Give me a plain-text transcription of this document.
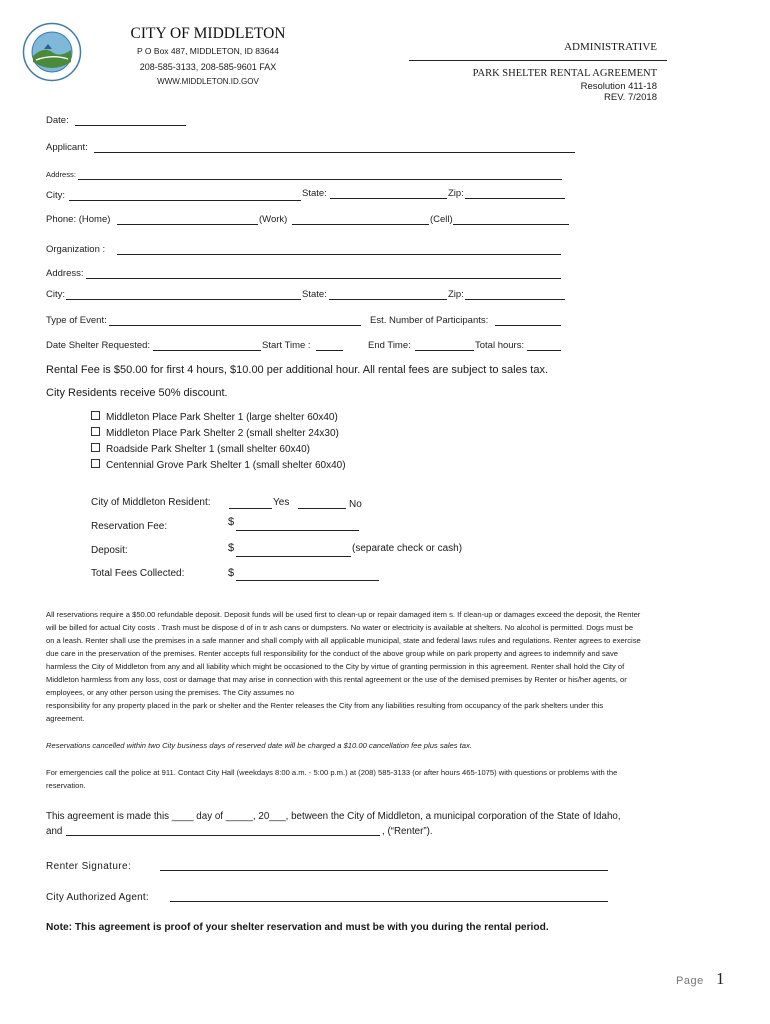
CITY OF MIDDLETON
P O Box 487, MIDDLETON, ID 83644
208-585-3133, 208-585-9601 FAX
WWW.MIDDLETON.ID.GOV
ADMINISTRATIVE
PARK SHELTER RENTAL AGREEMENT
Resolution 411-18
REV. 7/2018
Date:
Applicant:
Address:
City:	State:	Zip:
Phone: (Home)	(Work)	(Cell)
Organization :
Address:
City:	State:	Zip:
Type of Event:	Est. Number of Participants:
Date Shelter Requested:	Start Time :	End Time:	Total hours:
Rental Fee is $50.00 for first 4 hours, $10.00 per additional hour. All rental fees are subject to sales tax.
City Residents receive 50% discount.
Middleton Place Park Shelter 1 (large shelter 60x40)
Middleton Place Park Shelter 2 (small shelter 24x30)
Roadside Park Shelter 1 (small shelter 60x40)
Centennial Grove Park Shelter 1 (small shelter 60x40)
City of Middleton Resident:	Yes	No
Reservation Fee:	$
Deposit:	$	(separate check or cash)
Total Fees Collected:	$
All reservations require a $50.00 refundable deposit. Deposit funds will be used first to clean-up or repair damaged item s. If clean-up or damages exceed the deposit, the Renter
will be billed for actual City costs . Trash must be dispose d of in tr ash cans or dumpsters. No water or electricity is available at shelters. No alcohol is permitted. Dogs must be
on a leash. Renter shall use the premises in a safe manner and shall comply with all applicable municipal, state and federal laws rules and regulations. Renter agrees to exercise
due care in the preservation of the premises. Renter accepts full responsibility for the conduct of the above group while on park property and agrees to indemnify and save
harmless the City of Middleton from any and all liability which might be occasioned to the City by virtue of granting permission in this agreement. Renter shall hold the City of
Middleton harmless from any loss, cost or damage that may arise in connection with this rental agreement or the use of the demised premises by Renter or his/her agents, or
employees, or any other person using the premises. The City assumes no
responsibility for any property placed in the park or shelter and the Renter releases the City from any liabilities resulting from occupancy of the park shelters under this
agreement.
Reservations cancelled within two City business days of reserved date will be charged a $10.00 cancellation fee plus sales tax.
For emergencies call the police at 911. Contact City Hall (weekdays 8:00 a.m. - 5:00 p.m.) at (208) 585-3133 (or after hours 465-1075) with questions or problems with the
reservation.
This agreement is made this ____ day of _____, 20___, between the City of Middleton, a municipal corporation of the State of Idaho,
and	, (“Renter”).
Renter Signature:
City Authorized Agent:
Note: This agreement is proof of your shelter reservation and must be with you during the rental period.
Page 1
